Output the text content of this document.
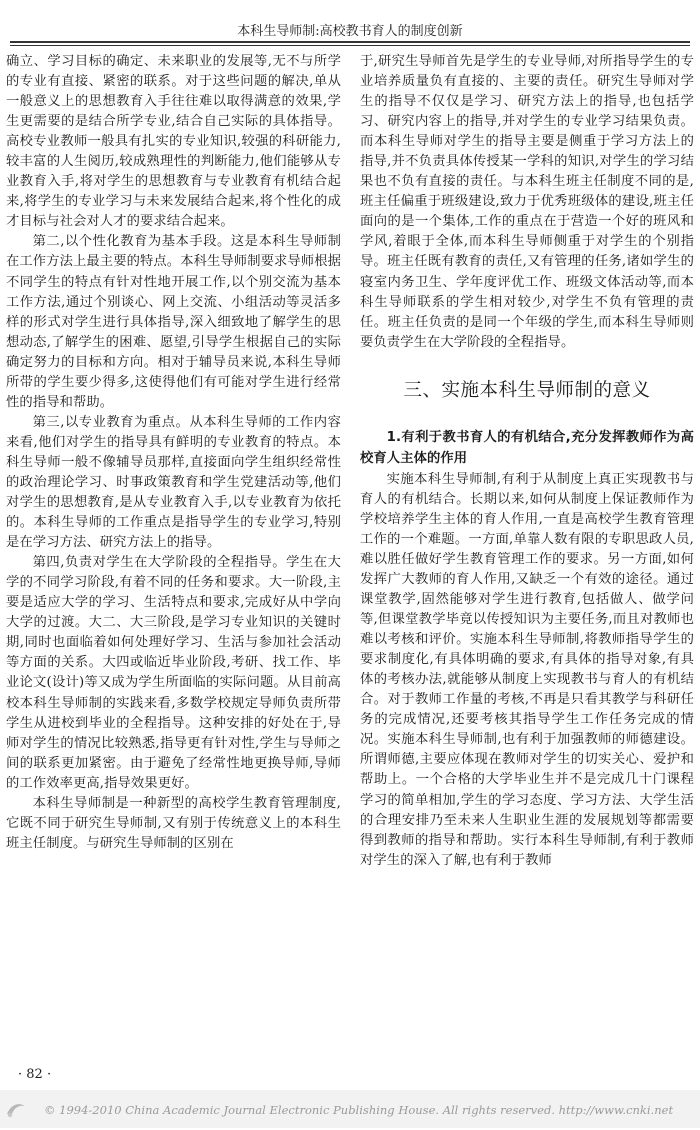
本科生导师制:高校教书育人的制度创新

确立、学习目标的确定、未来职业的发展等,无不与所学的专业有直接、紧密的联系。对于这些问题的解决,单从一般意义上的思想教育入手往往难以取得满意的效果,学生更需要的是结合所学专业,结合自己实际的具体指导。高校专业教师一般具有扎实的专业知识,较强的科研能力,较丰富的人生阅历,较成熟理性的判断能力,他们能够从专业教育入手,将对学生的思想教育与专业教育有机结合起来,将学生的专业学习与未来发展结合起来,将个性化的成才目标与社会对人才的要求结合起来。

第二,以个性化教育为基本手段。这是本科生导师制在工作方法上最主要的特点。本科生导师制要求导师根据不同学生的特点有针对性地开展工作,以个别交流为基本工作方法,通过个别谈心、网上交流、小组活动等灵活多样的形式对学生进行具体指导,深入细致地了解学生的思想动态,了解学生的困难、愿望,引导学生根据自己的实际确定努力的目标和方向。相对于辅导员来说,本科生导师所带的学生要少得多,这使得他们有可能对学生进行经常性的指导和帮助。

第三,以专业教育为重点。从本科生导师的工作内容来看,他们对学生的指导具有鲜明的专业教育的特点。本科生导师一般不像辅导员那样,直接面向学生组织经常性的政治理论学习、时事政策教育和学生党建活动等,他们对学生的思想教育,是从专业教育入手,以专业教育为依托的。本科生导师的工作重点是指导学生的专业学习,特别是在学习方法、研究方法上的指导。

第四,负责对学生在大学阶段的全程指导。学生在大学的不同学习阶段,有着不同的任务和要求。大一阶段,主要是适应大学的学习、生活特点和要求,完成好从中学向大学的过渡。大二、大三阶段,是学习专业知识的关键时期,同时也面临着如何处理好学习、生活与参加社会活动等方面的关系。大四或临近毕业阶段,考研、找工作、毕业论文(设计)等又成为学生所面临的实际问题。从目前高校本科生导师制的实践来看,多数学校规定导师负责所带学生从进校到毕业的全程指导。这种安排的好处在于,导师对学生的情况比较熟悉,指导更有针对性,学生与导师之间的联系更加紧密。由于避免了经常性地更换导师,导师的工作效率更高,指导效果更好。

本科生导师制是一种新型的高校学生教育管理制度,它既不同于研究生导师制,又有别于传统意义上的本科生班主任制度。与研究生导师制的区别在

于,研究生导师首先是学生的专业导师,对所指导学生的专业培养质量负有直接的、主要的责任。研究生导师对学生的指导不仅仅是学习、研究方法上的指导,也包括学习、研究内容上的指导,并对学生的专业学习结果负责。而本科生导师对学生的指导主要是侧重于学习方法上的指导,并不负责具体传授某一学科的知识,对学生的学习结果也不负有直接的责任。与本科生班主任制度不同的是,班主任偏重于班级建设,致力于优秀班级体的建设,班主任面向的是一个集体,工作的重点在于营造一个好的班风和学风,着眼于全体,而本科生导师侧重于对学生的个别指导。班主任既有教育的责任,又有管理的任务,诸如学生的寝室内务卫生、学年度评优工作、班级文体活动等,而本科生导师联系的学生相对较少,对学生不负有管理的责任。班主任负责的是同一个年级的学生,而本科生导师则要负责学生在大学阶段的全程指导。

三、实施本科生导师制的意义
1.有利于教书育人的有机结合,充分发挥教师作为高校育人主体的作用

实施本科生导师制,有利于从制度上真正实现教书与育人的有机结合。长期以来,如何从制度上保证教师作为学校培养学生主体的育人作用,一直是高校学生教育管理工作的一个难题。一方面,单靠人数有限的专职思政人员,难以胜任做好学生教育管理工作的要求。另一方面,如何发挥广大教师的育人作用,又缺乏一个有效的途径。通过课堂教学,固然能够对学生进行教育,包括做人、做学问等,但课堂教学毕竟以传授知识为主要任务,而且对教师也难以考核和评价。实施本科生导师制,将教师指导学生的要求制度化,有具体明确的要求,有具体的指导对象,有具体的考核办法,就能够从制度上实现教书与育人的有机结合。对于教师工作量的考核,不再是只看其教学与科研任务的完成情况,还要考核其指导学生工作任务完成的情况。实施本科生导师制,也有利于加强教师的师德建设。所谓师德,主要应体现在教师对学生的切实关心、爱护和帮助上。一个合格的大学毕业生并不是完成几十门课程学习的简单相加,学生的学习态度、学习方法、大学生活的合理安排乃至未来人生职业生涯的发展规划等都需要得到教师的指导和帮助。实行本科生导师制,有利于教师对学生的深入了解,也有利于教师

· 82 ·
© 1994-2010 China Academic Journal Electronic Publishing House. All rights reserved. http://www.cnki.net
